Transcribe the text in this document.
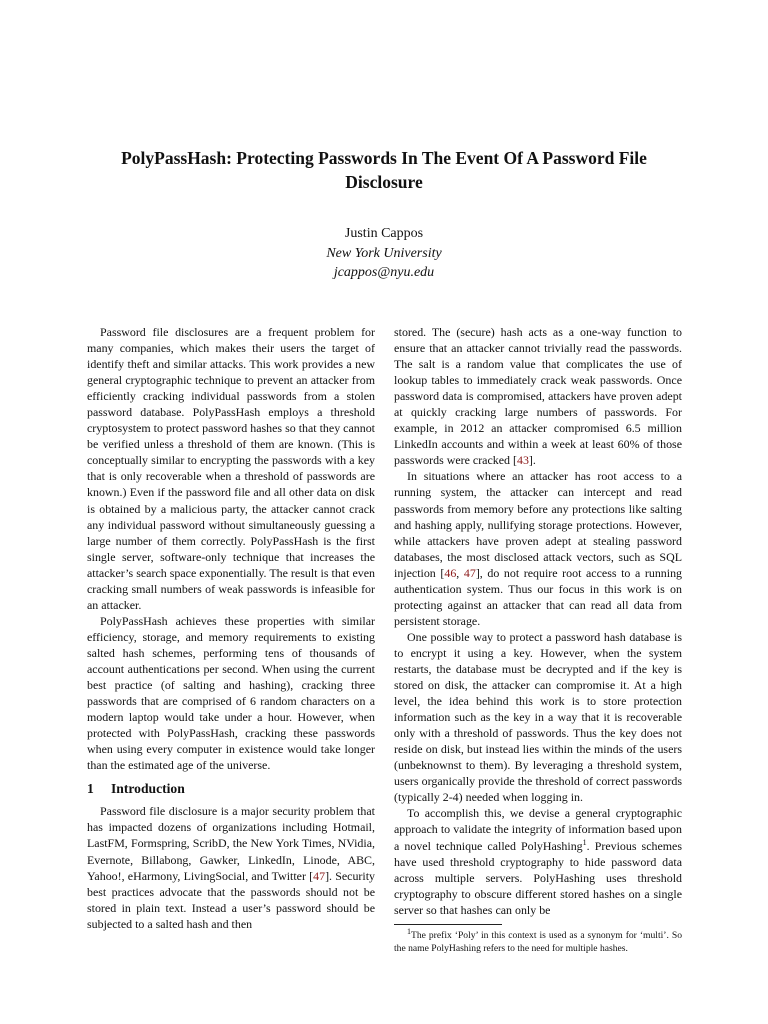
PolyPassHash: Protecting Passwords In The Event Of A Password File Disclosure
Justin Cappos
New York University
jcappos@nyu.edu

Password file disclosures are a frequent problem for many companies, which makes their users the target of identify theft and similar attacks. This work provides a new general cryptographic technique to prevent an attacker from efficiently cracking individual passwords from a stolen password database. PolyPassHash employs a threshold cryptosystem to protect password hashes so that they cannot be verified unless a threshold of them are known. (This is conceptually similar to encrypting the passwords with a key that is only recoverable when a threshold of passwords are known.) Even if the password file and all other data on disk is obtained by a malicious party, the attacker cannot crack any individual password without simultaneously guessing a large number of them correctly. PolyPassHash is the first single server, software-only technique that increases the attacker’s search space exponentially. The result is that even cracking small numbers of weak passwords is infeasible for an attacker.

PolyPassHash achieves these properties with similar efficiency, storage, and memory requirements to existing salted hash schemes, performing tens of thousands of account authentications per second. When using the current best practice (of salting and hashing), cracking three passwords that are comprised of 6 random characters on a modern laptop would take under a hour. However, when protected with PolyPassHash, cracking these passwords when using every computer in existence would take longer than the estimated age of the universe.

1 Introduction

Password file disclosure is a major security problem that has impacted dozens of organizations including Hotmail, LastFM, Formspring, ScribD, the New York Times, NVidia, Evernote, Billabong, Gawker, LinkedIn, Linode, ABC, Yahoo!, eHarmony, LivingSocial, and Twitter [47]. Security best practices advocate that the passwords should not be stored in plain text. Instead a user’s password should be subjected to a salted hash and then

stored. The (secure) hash acts as a one-way function to ensure that an attacker cannot trivially read the passwords. The salt is a random value that complicates the use of lookup tables to immediately crack weak passwords. Once password data is compromised, attackers have proven adept at quickly cracking large numbers of passwords. For example, in 2012 an attacker compromised 6.5 million LinkedIn accounts and within a week at least 60% of those passwords were cracked [43].

In situations where an attacker has root access to a running system, the attacker can intercept and read passwords from memory before any protections like salting and hashing apply, nullifying storage protections. However, while attackers have proven adept at stealing password databases, the most disclosed attack vectors, such as SQL injection [46, 47], do not require root access to a running authentication system. Thus our focus in this work is on protecting against an attacker that can read all data from persistent storage.

One possible way to protect a password hash database is to encrypt it using a key. However, when the system restarts, the database must be decrypted and if the key is stored on disk, the attacker can compromise it. At a high level, the idea behind this work is to store protection information such as the key in a way that it is recoverable only with a threshold of passwords. Thus the key does not reside on disk, but instead lies within the minds of the users (unbeknownst to them). By leveraging a threshold system, users organically provide the threshold of correct passwords (typically 2-4) needed when logging in.

To accomplish this, we devise a general cryptographic approach to validate the integrity of information based upon a novel technique called PolyHashing$^1$. Previous schemes have used threshold cryptography to hide password data across multiple servers. PolyHashing uses threshold cryptography to obscure different stored hashes on a single server so that hashes can only be

$^1$The prefix ‘Poly’ in this context is used as a synonym for ‘multi’. So the name PolyHashing refers to the need for multiple hashes.
